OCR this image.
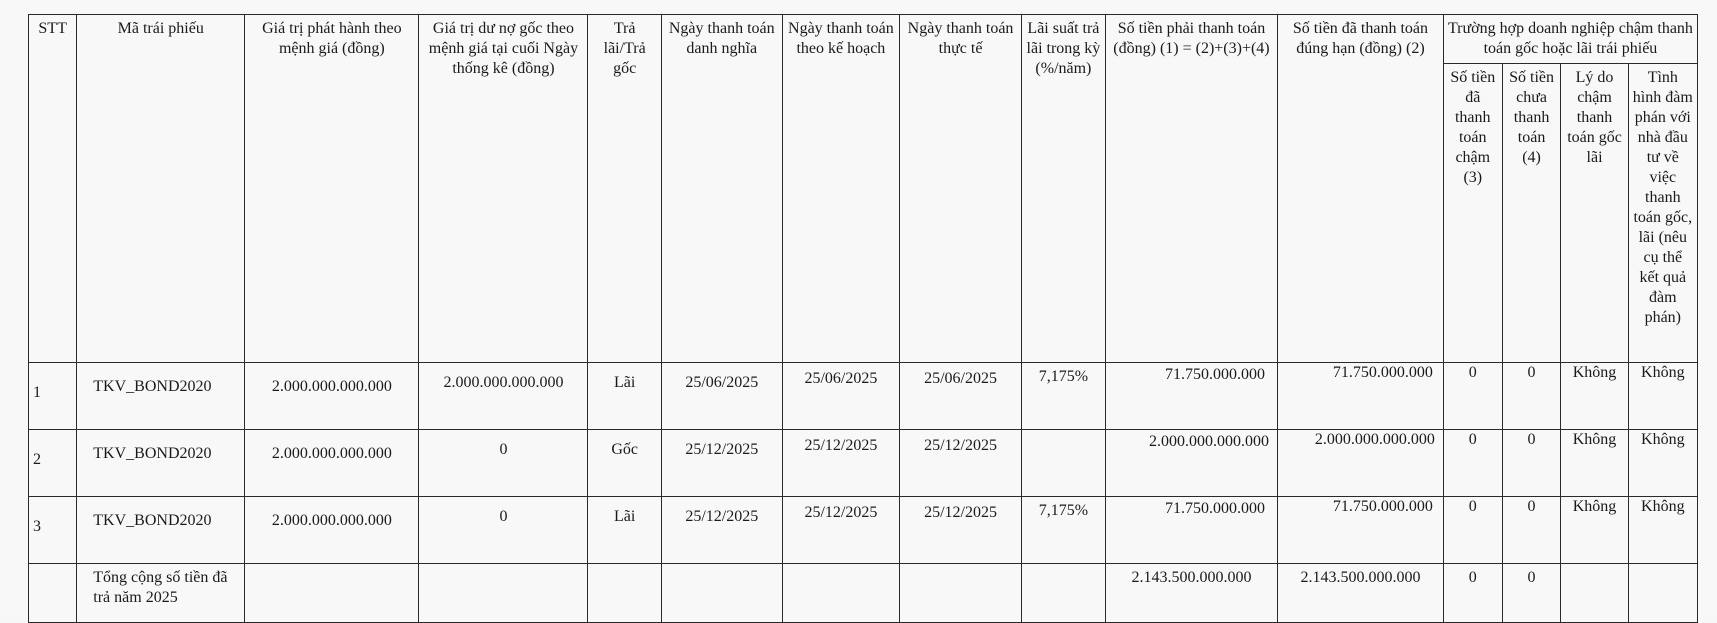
STT	Mã trái phiếu	Giá trị phát hành theo mệnh giá (đồng)	Giá trị dư nợ gốc theo mệnh giá tại cuối Ngày thống kê (đồng)	Trả lãi/Trả gốc	Ngày thanh toán danh nghĩa	Ngày thanh toán theo kế hoạch	Ngày thanh toán thực tế	Lãi suất trả lãi trong kỳ (%/năm)	Số tiền phải thanh toán (đồng) (1) = (2)+(3)+(4)	Số tiền đã thanh toán đúng hạn (đồng) (2)	Trường hợp doanh nghiệp chậm thanh toán gốc hoặc lãi trái phiếu			
											Số tiền đã thanh toán chậm (3)	Số tiền chưa thanh toán (4)	Lý do chậm thanh toán gốc lãi	Tình hình đàm phán với nhà đầu tư về việc thanh toán gốc, lãi (nêu cụ thể kết quả đàm phán)
1	TKV_BOND2020	2.000.000.000.000	2.000.000.000.000	Lãi	25/06/2025	25/06/2025	25/06/2025	7,175%	71.750.000.000	71.750.000.000	0	0	Không	Không
2	TKV_BOND2020	2.000.000.000.000	0	Gốc	25/12/2025	25/12/2025	25/12/2025		2.000.000.000.000	2.000.000.000.000	0	0	Không	Không
3	TKV_BOND2020	2.000.000.000.000	0	Lãi	25/12/2025	25/12/2025	25/12/2025	7,175%	71.750.000.000	71.750.000.000	0	0	Không	Không
	Tổng cộng số tiền đã trả năm 2025								2.143.500.000.000	2.143.500.000.000	0	0		
